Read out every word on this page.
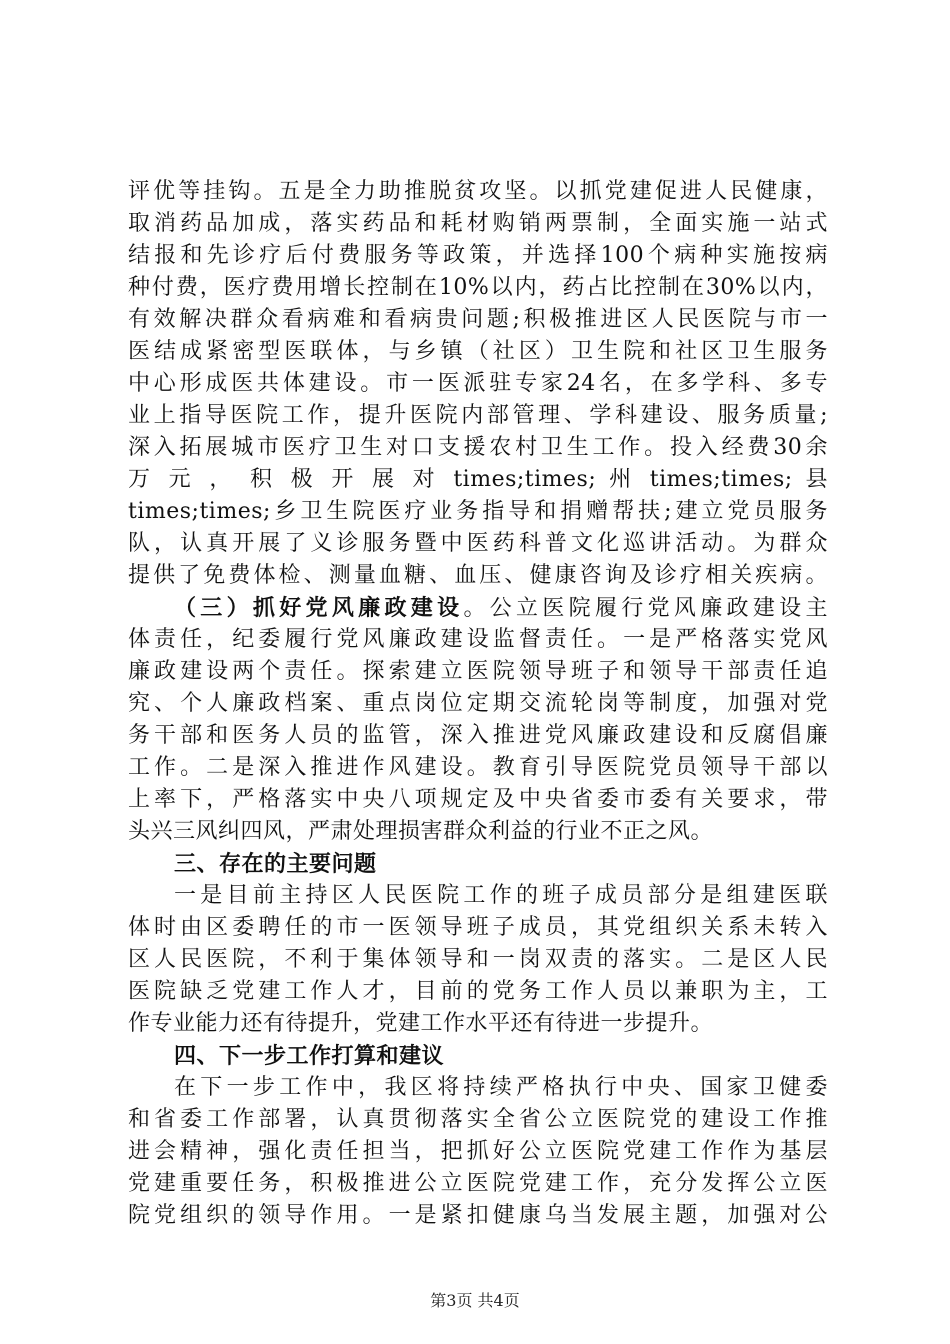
评优等挂钩。五是全力助推脱贫攻坚。以抓党建促进人民健康，
取消药品加成，落实药品和耗材购销两票制，全面实施一站式
结报和先诊疗后付费服务等政策，并选择100个病种实施按病
种付费，医疗费用增长控制在10%以内，药占比控制在30%以内，
有效解决群众看病难和看病贵问题;积极推进区人民医院与市一
医结成紧密型医联体，与乡镇（社区）卫生院和社区卫生服务
中心形成医共体建设。市一医派驻专家24名，在多学科、多专
业上指导医院工作，提升医院内部管理、学科建设、服务质量;
深入拓展城市医疗卫生对口支援农村卫生工作。投入经费30余
万 元 ， 积 极 开 展 对 times;times; 州 times;times; 县
times;times;乡卫生院医疗业务指导和捐赠帮扶;建立党员服务
队，认真开展了义诊服务暨中医药科普文化巡讲活动。为群众
提供了免费体检、测量血糖、血压、健康咨询及诊疗相关疾病。
（三）抓好党风廉政建设。公立医院履行党风廉政建设主
体责任，纪委履行党风廉政建设监督责任。一是严格落实党风
廉政建设两个责任。探索建立医院领导班子和领导干部责任追
究、个人廉政档案、重点岗位定期交流轮岗等制度，加强对党
务干部和医务人员的监管，深入推进党风廉政建设和反腐倡廉
工作。二是深入推进作风建设。教育引导医院党员领导干部以
上率下，严格落实中央八项规定及中央省委市委有关要求，带
头兴三风纠四风，严肃处理损害群众利益的行业不正之风。
三、存在的主要问题
一是目前主持区人民医院工作的班子成员部分是组建医联
体时由区委聘任的市一医领导班子成员，其党组织关系未转入
区人民医院，不利于集体领导和一岗双责的落实。二是区人民
医院缺乏党建工作人才，目前的党务工作人员以兼职为主，工
作专业能力还有待提升，党建工作水平还有待进一步提升。
四、下一步工作打算和建议
在下一步工作中，我区将持续严格执行中央、国家卫健委
和省委工作部署，认真贯彻落实全省公立医院党的建设工作推
进会精神，强化责任担当，把抓好公立医院党建工作作为基层
党建重要任务，积极推进公立医院党建工作，充分发挥公立医
院党组织的领导作用。一是紧扣健康乌当发展主题，加强对公
第3页 共4页
